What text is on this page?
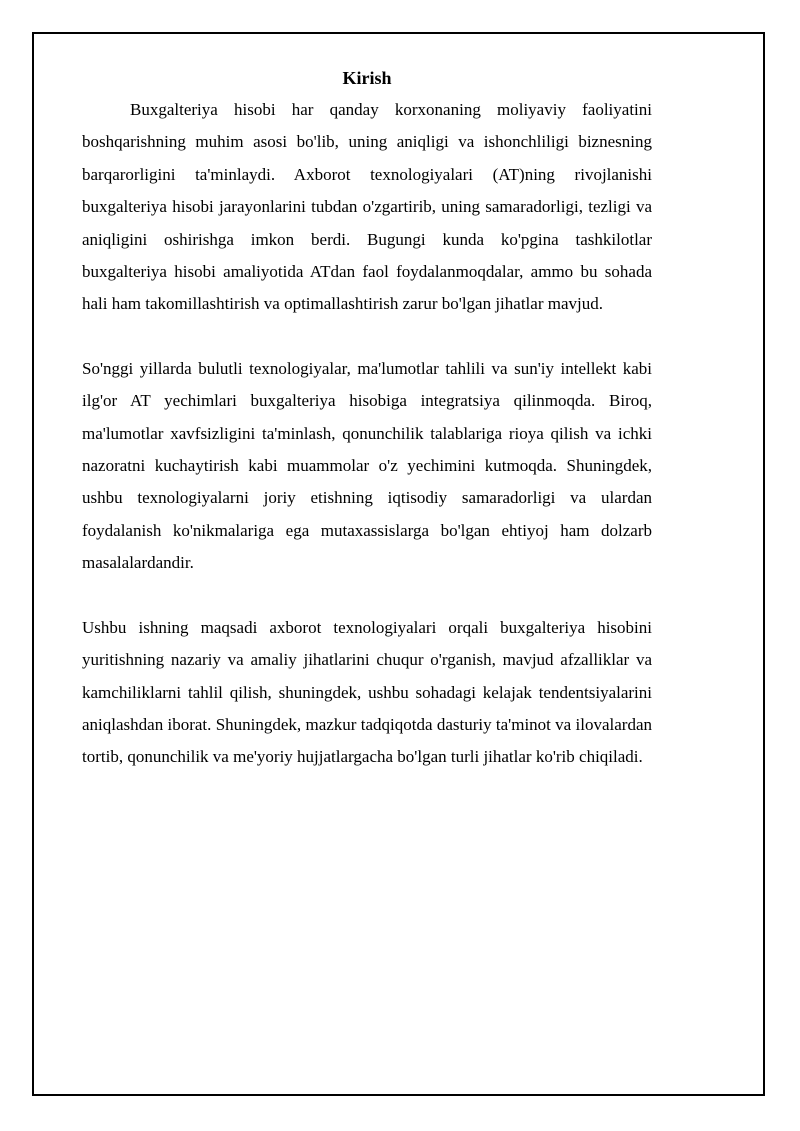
Kirish

Buxgalteriya hisobi har qanday korxonaning moliyaviy faoliyatini boshqarishning muhim asosi bo'lib, uning aniqligi va ishonchliligi biznesning barqarorligini ta'minlaydi. Axborot texnologiyalari (AT)ning rivojlanishi buxgalteriya hisobi jarayonlarini tubdan o'zgartirib, uning samaradorligi, tezligi va aniqligini oshirishga imkon berdi. Bugungi kunda ko'pgina tashkilotlar buxgalteriya hisobi amaliyotida ATdan faol foydalanmoqdalar, ammo bu sohada hali ham takomillashtirish va optimallashtirish zarur bo'lgan jihatlar mavjud.

So'nggi yillarda bulutli texnologiyalar, ma'lumotlar tahlili va sun'iy intellekt kabi ilg'or AT yechimlari buxgalteriya hisobiga integratsiya qilinmoqda. Biroq, ma'lumotlar xavfsizligini ta'minlash, qonunchilik talablariga rioya qilish va ichki nazoratni kuchaytirish kabi muammolar o'z yechimini kutmoqda. Shuningdek, ushbu texnologiyalarni joriy etishning iqtisodiy samaradorligi va ulardan foydalanish ko'nikmalariga ega mutaxassislarga bo'lgan ehtiyoj ham dolzarb masalalardandir.

Ushbu ishning maqsadi axborot texnologiyalari orqali buxgalteriya hisobini yuritishning nazariy va amaliy jihatlarini chuqur o'rganish, mavjud afzalliklar va kamchiliklarni tahlil qilish, shuningdek, ushbu sohadagi kelajak tendentsiyalarini aniqlashdan iborat. Shuningdek, mazkur tadqiqotda dasturiy ta'minot va ilovalardan tortib, qonunchilik va me'yoriy hujjatlargacha bo'lgan turli jihatlar ko'rib chiqiladi.
